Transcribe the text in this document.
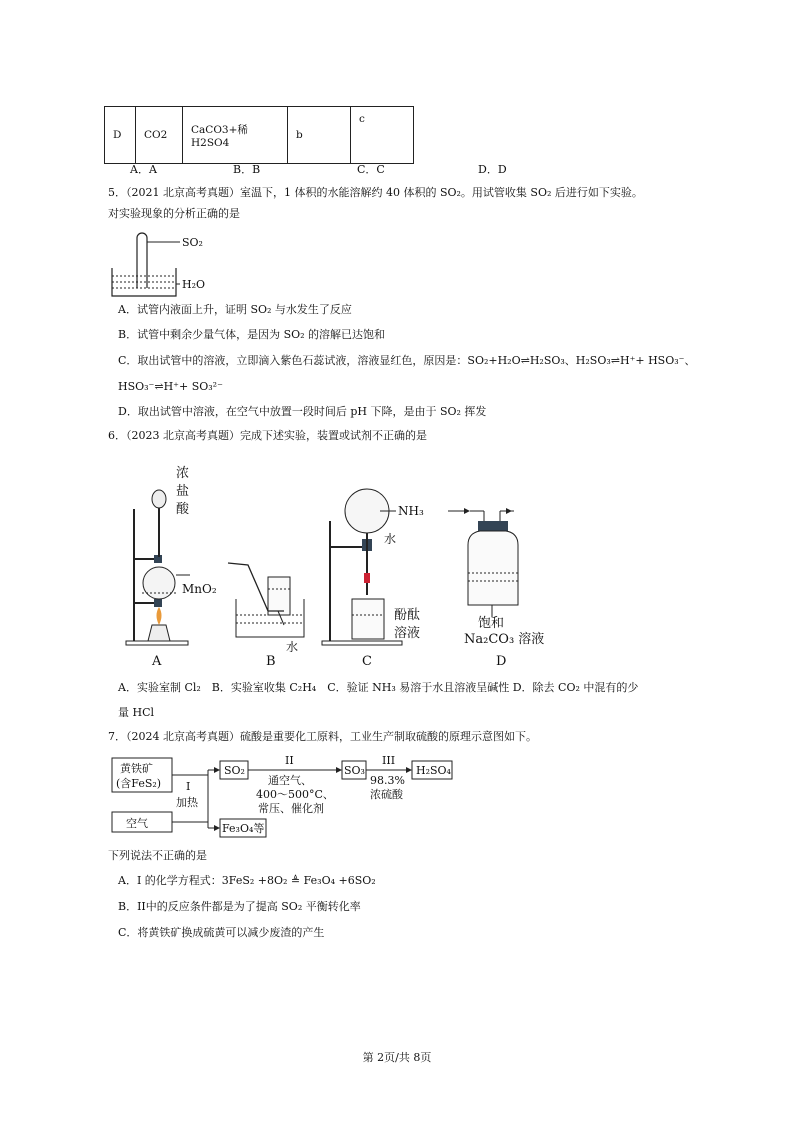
D	CO2	CaCO3+稀 H2SO4	b	c
A．A	B．B	C．C	D．D
5．（2021 北京高考真题）室温下，1 体积的水能溶解约 40 体积的 SO₂。用试管收集 SO₂ 后进行如下实验。
对实验现象的分析正确的是
SO₂
H₂O
A．试管内液面上升，证明 SO₂ 与水发生了反应
B．试管中剩余少量气体，是因为 SO₂ 的溶解已达饱和
C．取出试管中的溶液，立即滴入紫色石蕊试液，溶液显红色，原因是：SO₂+H₂O⇌H₂SO₃、H₂SO₃⇌H⁺+ HSO₃⁻、
HSO₃⁻⇌H⁺+ SO₃²⁻
D．取出试管中溶液，在空气中放置一段时间后 pH 下降，是由于 SO₂ 挥发
6．（2023 北京高考真题）完成下述实验，装置或试剂不正确的是
浓
盐
酸
MnO₂
水
NH₃
水
酚酞
溶液
饱和
Na₂CO₃ 溶液
A	B	C	D
A．实验室制 Cl₂　B．实验室收集 C₂H₄　C．验证 NH₃ 易溶于水且溶液呈碱性 D．除去 CO₂ 中混有的少
量 HCl
7．（2024 北京高考真题）硫酸是重要化工原料，工业生产制取硫酸的原理示意图如下。
黄铁矿
(含FeS₂)
空气
I
加热
SO₂
II
通空气、
400～500°C、
常压、催化剂
SO₃
III
98.3%
浓硫酸
H₂SO₄
Fe₃O₄等
下列说法不正确的是
A．I 的化学方程式：3FeS₂ +8O₂ ≜ Fe₃O₄ +6SO₂
B．II中的反应条件都是为了提高 SO₂ 平衡转化率
C．将黄铁矿换成硫黄可以减少废渣的产生
第 2页/共 8页
